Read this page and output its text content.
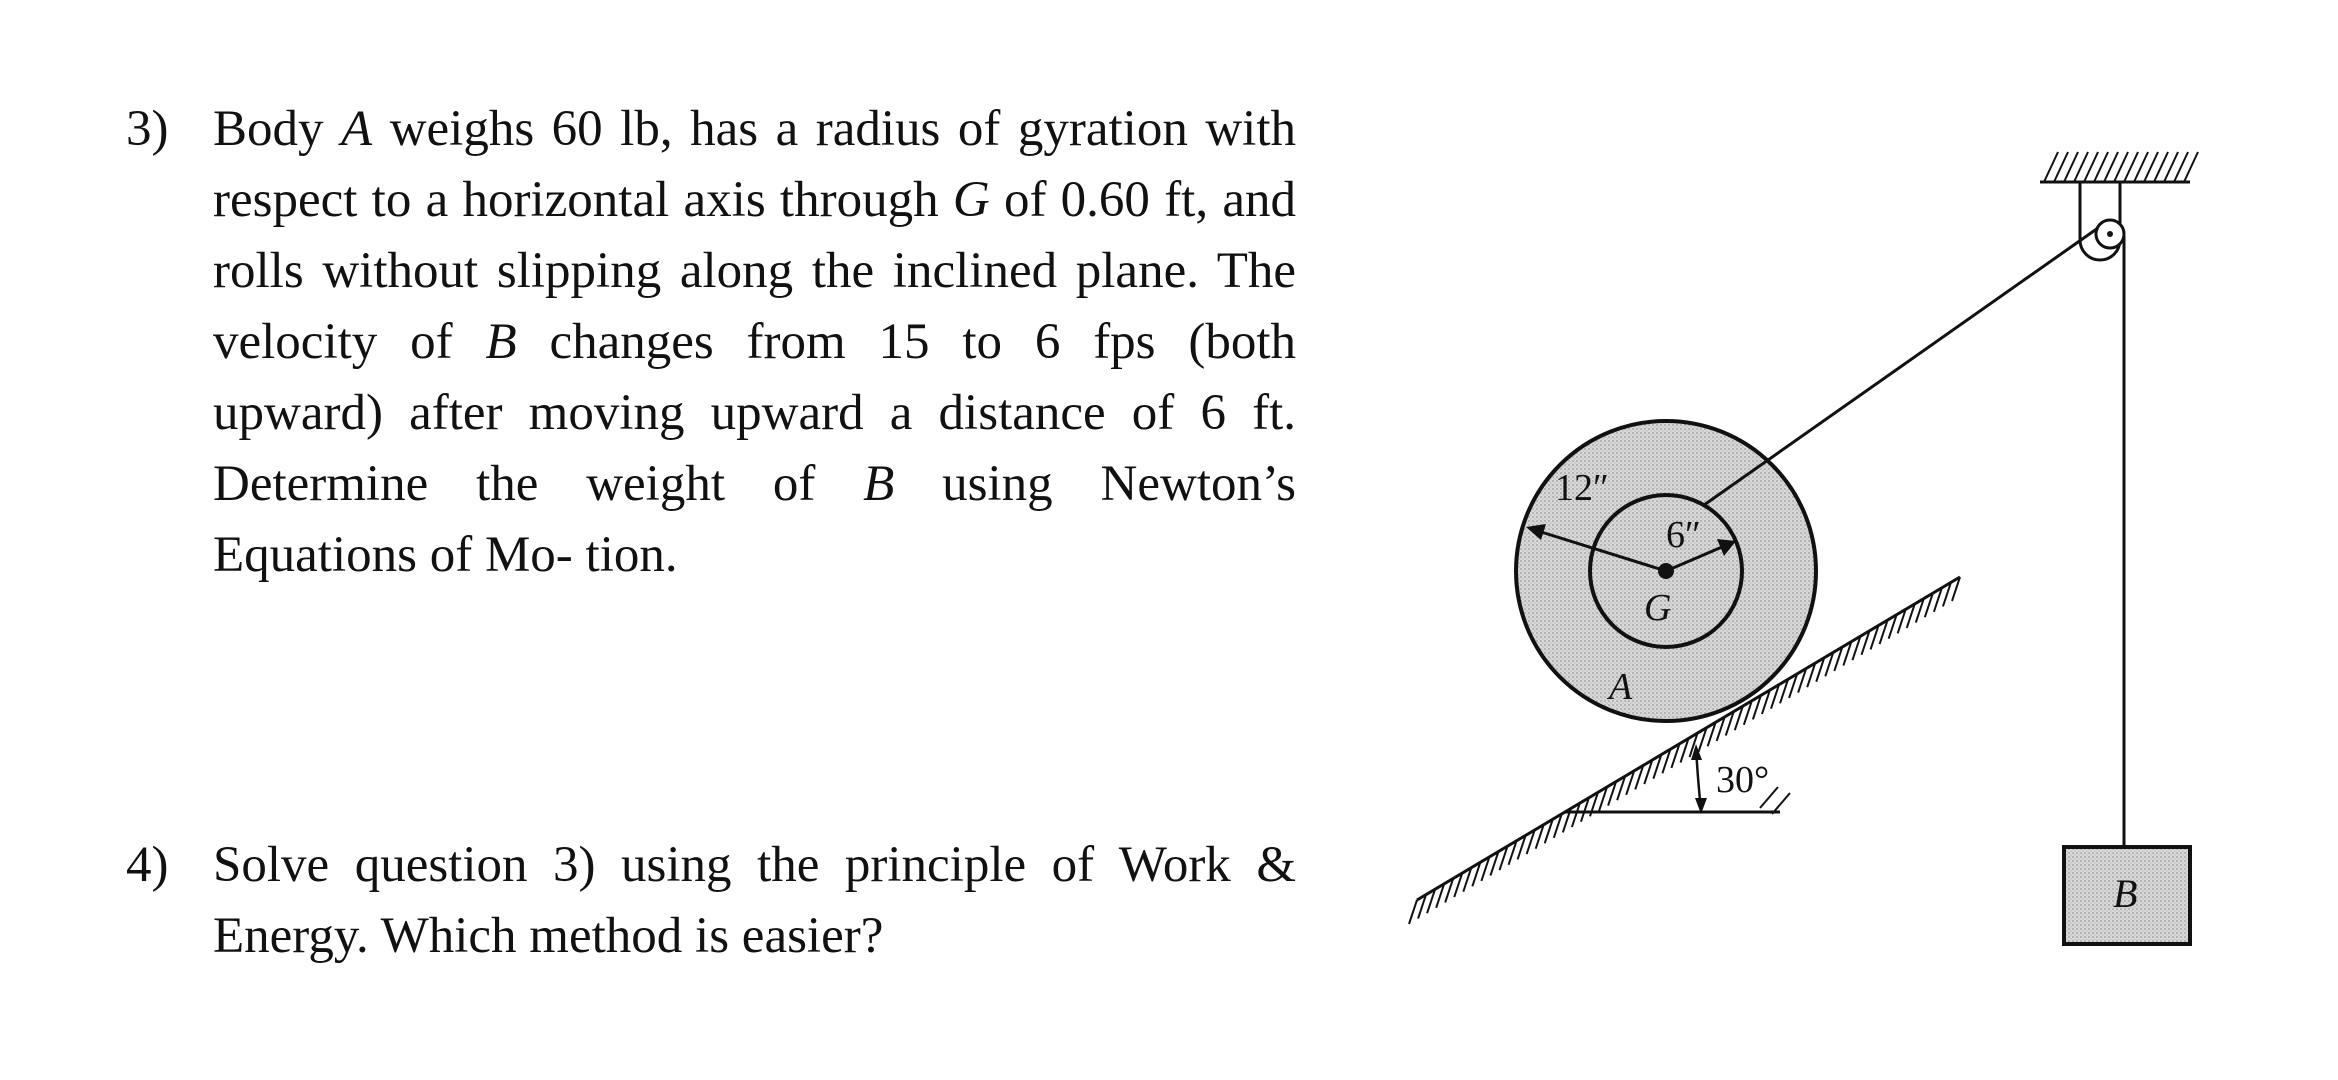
3) Body A weighs 60 lb, has a radius of gyration with respect to a horizontal axis through G of 0.60 ft, and rolls without slipping along the inclined plane. The velocity of B changes from 15 to 6 fps (both upward) after moving upward a distance of 6 ft. Determine the weight of B using Newton’s Equations of Mo- tion.
4) Solve question 3) using the principle of Work & Energy. Which method is easier?
30°
12″
6″
G
A
B
